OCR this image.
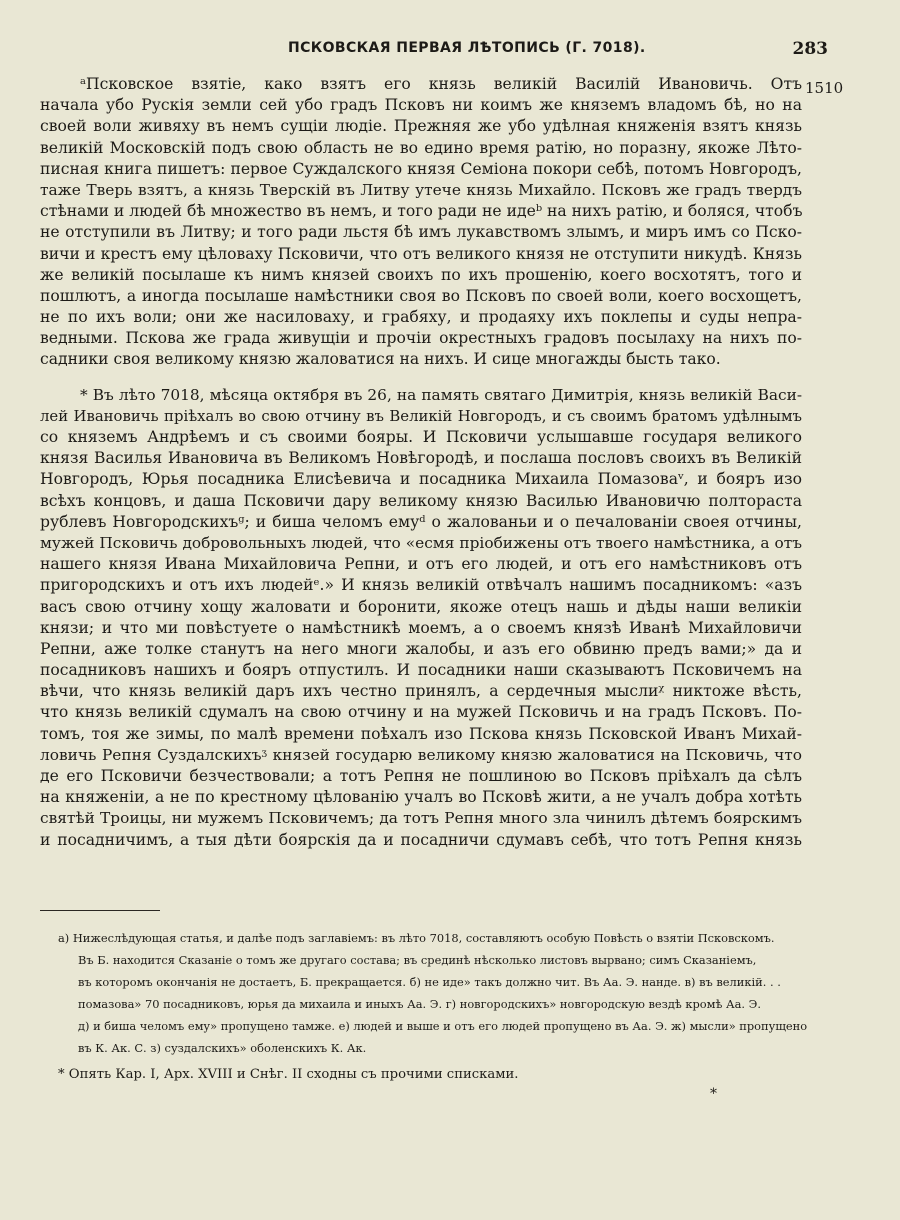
ПСКОВСКАЯ ПЕРВАЯ ЛѢТОПИСЬ (Г. 7018).	283
1510

ᵃПсковское взятіе, како взятъ его князь великій Василій Ивановичь. Отъ

начала убо Рускія земли сей убо градъ Псковъ ни коимъ же княземъ владомъ бѣ, но на

своей воли живяху въ немъ сущіи людіе. Прежняя же убо удѣлная княженія взятъ князь

великій Московскій подъ свою область не во едино время ратію, но поразну, якоже Лѣто-

писная книга пишетъ: первое Суждалского князя Семіона покори себѣ, потомъ Новгородъ,

таже Тверь взятъ, а князь Тверскій въ Литву утече князь Михайло. Псковъ же градъ твердъ

стѣнами и людей бѣ множество въ немъ, и того ради не идеᵇ на нихъ ратію, и боляся, чтобъ

не отступили въ Литву; и того ради льстя бѣ имъ лукавствомъ злымъ, и миръ имъ со Пско-

вичи и крестъ ему цѣловаху Псковичи, что отъ великого князя не отступити никудѣ. Князь

же великій посылаше къ нимъ князей своихъ по ихъ прошенію, коего восхотятъ, того и

пошлютъ, а иногда посылаше намѣстники своя во Псковъ по своей воли, коего восхощетъ,

не по ихъ воли; они же насиловаху, и грабяху, и продаяху ихъ поклепы и суды непра-

ведными. Пскова же града живущіи и прочіи окрестныхъ градовъ посылаху на нихъ по-

садники своя великому князю жаловатися на нихъ. И сице многажды бысть тако.

* Въ лѣто 7018, мѣсяца октября въ 26, на память святаго Димитрія, князь великій Васи-

лей Ивановичь пріѣхалъ во свою отчину въ Великій Новгородъ, и съ своимъ братомъ удѣлнымъ

со княземъ Андрѣемъ и съ своими бояры. И Псковичи услышавше государя великого

князя Василья Ивановича въ Великомъ Новѣгородѣ, и послаша пословъ своихъ въ Великій

Новгородъ, Юрья посадника Елисѣевича и посадника Михаила Помазоваᵛ, и бояръ изо

всѣхъ концовъ, и даша Псковичи дару великому князю Василью Ивановичю полтораста

рублевъ Новгородскихъᵍ; и биша челомъ емуᵈ о жалованьи и о печалованіи своея отчины,

мужей Псковичь добровольныхъ людей, что «есмя пріобижены отъ твоего намѣстника, а отъ

нашего князя Ивана Михайловича Репни, и отъ его людей, и отъ его намѣстниковъ отъ

пригородскихъ и отъ ихъ людейᵉ.» И князь великій отвѣчалъ нашимъ посадникомъ: «азъ

васъ свою отчину хощу жаловати и боронити, якоже отецъ нашь и дѣды наши великіи

князи; и что ми повѣстуете о намѣстникѣ моемъ, а о своемъ князѣ Иванѣ Михайловичи

Репни, аже толке станутъ на него многи жалобы, и азъ его обвиню предъ вами;» да и

посадниковъ нашихъ и бояръ отпустилъ. И посадники наши сказываютъ Псковичемъ на

вѣчи, что князь великій даръ ихъ честно принялъ, а сердечныя мыслиᵡ никтоже вѣсть,

что князь великій сдумалъ на свою отчину и на мужей Псковичь и на градъ Псковъ. По-

томъ, тоя же зимы, по малѣ времени поѣхалъ изо Пскова князь Псковской Иванъ Михай-

ловичь Репня Суздалскихъᶾ князей государю великому князю жаловатися на Псковичь, что

де его Псковичи безчествовали; а тотъ Репня не пошлиною во Псковъ пріѣхалъ да сѣлъ

на княженіи, а не по крестному цѣлованію учалъ во Псковѣ жити, а не учалъ добра хотѣть

святѣй Троицы, ни мужемъ Псковичемъ; да тотъ Репня много зла чинилъ дѣтемъ боярскимъ

и посадничимъ, а тыя дѣти боярскія да и посадничи сдумавъ себѣ, что тотъ Репня князь

а) Нижеслѣдующая статья, и далѣе подъ заглавіемъ: въ лѣто 7018, составляютъ особую Повѣсть о взятіи Псковскомъ.

Въ Б. находится Сказаніе о томъ же другаго состава; въ срединѣ нѣсколько листовъ вырвано; симъ Сказаніемъ,

въ которомъ окончанія не достаетъ, Б. прекращается. б) не иде» такъ должно чит. Въ Аа. Э. нанде. в) въ великій. . .

помазова» 70 посадниковъ, юрья да михаила и иныхъ Аа. Э. г) новгородскихъ» новгородскую вездѣ кромѣ Аа. Э.

д) и биша челомъ ему» пропущено тамже. е) людей и выше и отъ его людей пропущено въ Аа. Э. ж) мысли» пропущено

въ К. Ак. С. з) суздалскихъ» оболенскихъ К. Ак.

* Опять Кар. I, Арх. XVIII и Снѣг. II сходны съ прочими списками.
*
